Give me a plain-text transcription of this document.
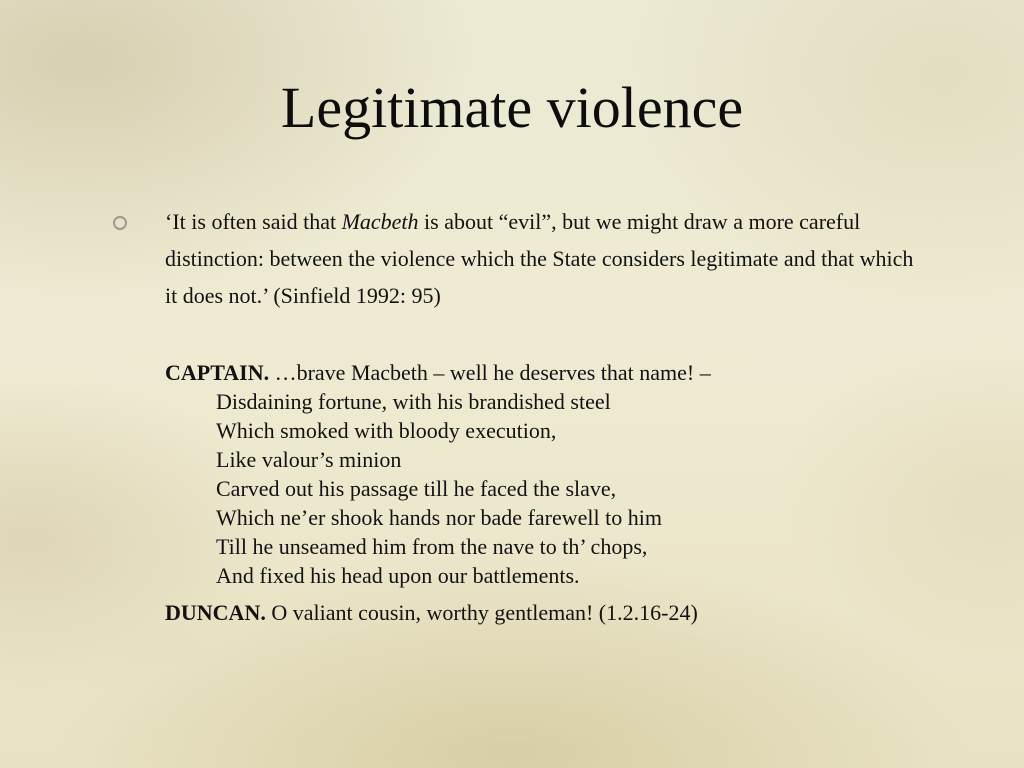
Legitimate violence
‘It is often said that Macbeth is about “evil”, but we might draw a more careful distinction: between the violence which the State considers legitimate and that which it does not.’ (Sinfield 1992: 95)
CAPTAIN. …brave Macbeth – well he deserves that name! –
Disdaining fortune, with his brandished steel
Which smoked with bloody execution,
Like valour’s minion
Carved out his passage till he faced the slave,
Which ne’er shook hands nor bade farewell to him
Till he unseamed him from the nave to th’ chops,
And fixed his head upon our battlements.
DUNCAN. O valiant cousin, worthy gentleman! (1.2.16-24)
